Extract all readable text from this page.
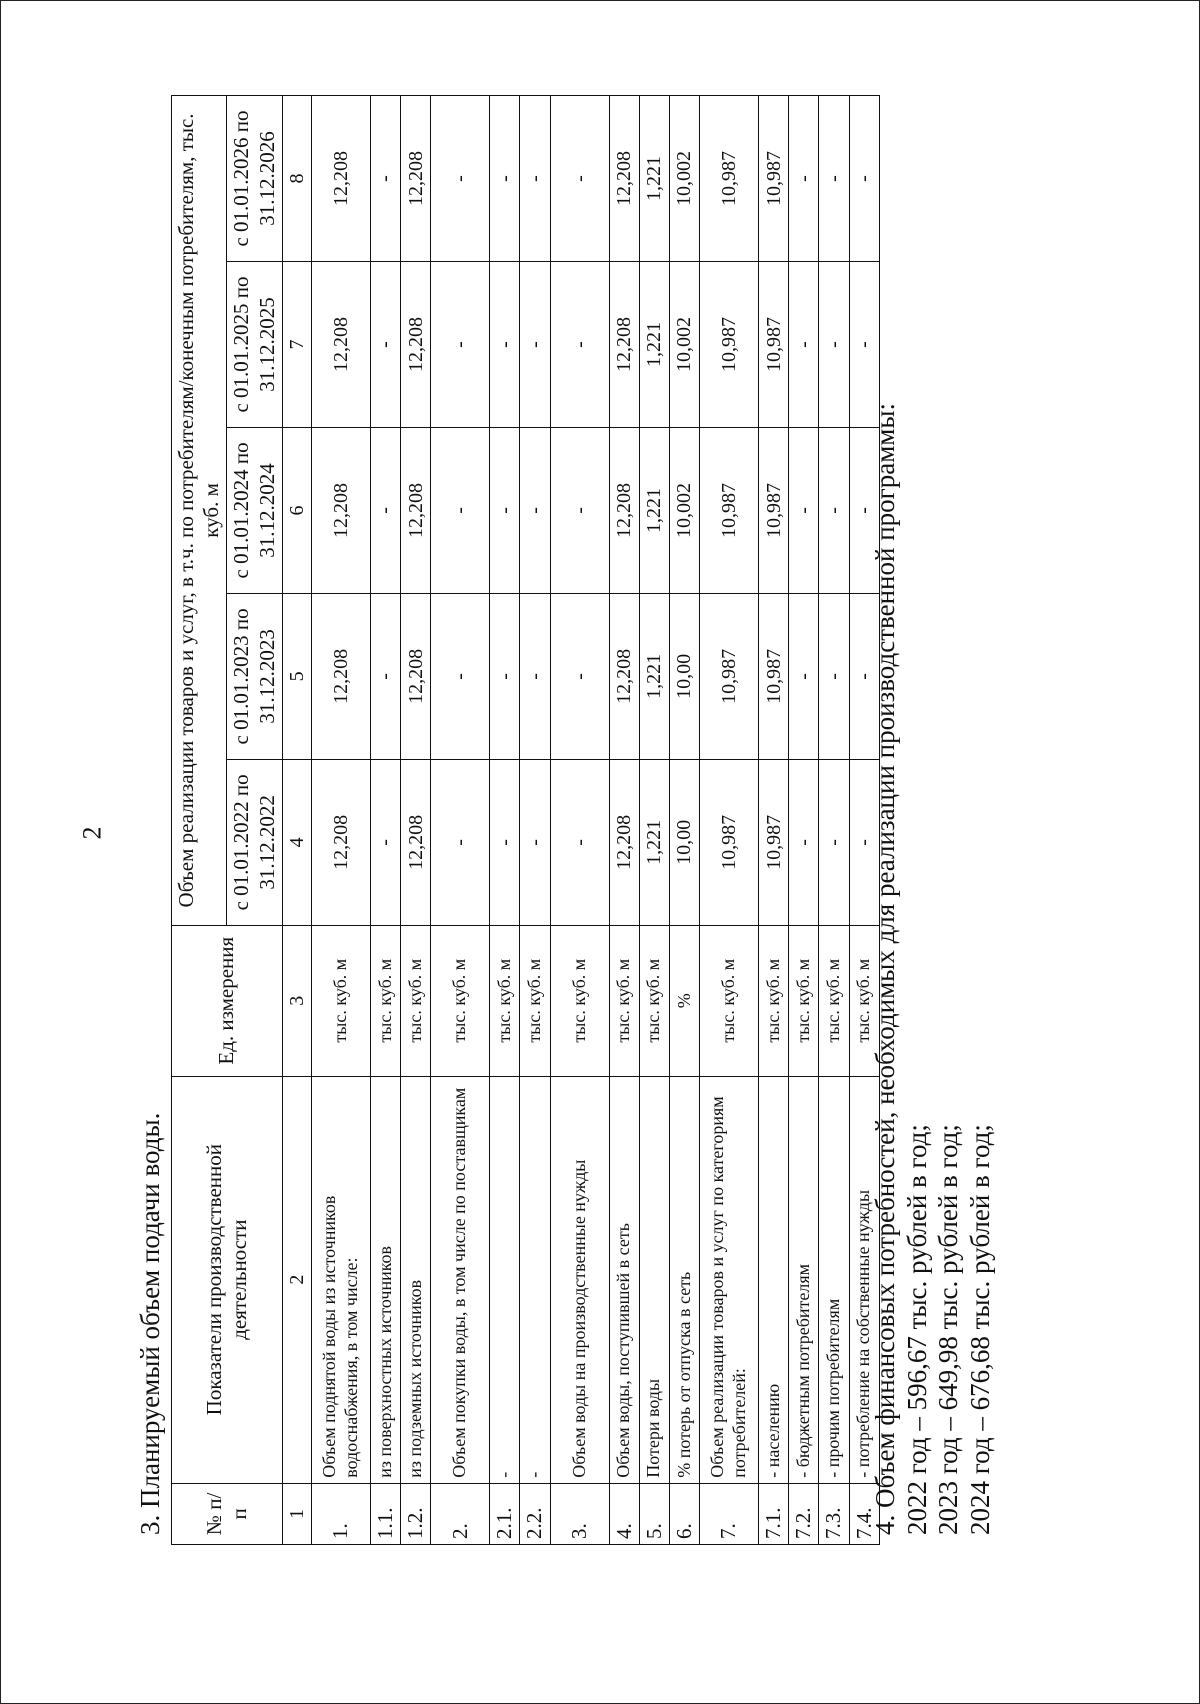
2
3. Планируемый объем подачи воды. № п/п	Показатели производственной деятельности	Ед. измерения	Объем реализации товаров и услуг, в т.ч. по потребителям/конечным потребителям, тыс. куб. м				
			с 01.01.2022 по 31.12.2022	с 01.01.2023 по 31.12.2023	с 01.01.2024 по 31.12.2024	с 01.01.2025 по 31.12.2025	с 01.01.2026 по 31.12.2026
1	2	3	4	5	6	7	8
1.	Объем поднятой воды из источников водоснабжения, в том числе:	тыс. куб. м	12,208	12,208	12,208	12,208	12,208
1.1.	из поверхностных источников	тыс. куб. м	-	-	-	-	-
1.2.	из подземных источников	тыс. куб. м	12,208	12,208	12,208	12,208	12,208
2.	Объем покупки воды, в том числе по поставщикам	тыс. куб. м	-	-	-	-	-
2.1.	-	тыс. куб. м	-	-	-	-	-
2.2.	-	тыс. куб. м	-	-	-	-	-
3.	Объем воды на производственные нужды	тыс. куб. м	-	-	-	-	-
4.	Объем воды, поступившей в сеть	тыс. куб. м	12,208	12,208	12,208	12,208	12,208
5.	Потери воды	тыс. куб. м	1,221	1,221	1,221	1,221	1,221
6.	% потерь от отпуска в сеть	%	10,00	10,00	10,002	10,002	10,002
7.	Объем реализации товаров и услуг по категориям потребителей:	тыс. куб. м	10,987	10,987	10,987	10,987	10,987
7.1.	- населению	тыс. куб. м	10,987	10,987	10,987	10,987	10,987
7.2.	- бюджетным потребителям	тыс. куб. м	-	-	-	-	-
7.3.	- прочим потребителям	тыс. куб. м	-	-	-	-	-
7.4.	- потребление на собственные нужды	тыс. куб. м	-	-	-	-	-
4. Объем финансовых потребностей, необходимых для реализации производственной программы: 2022 год – 596,67 тыс. рублей в год; 2023 год – 649,98 тыс. рублей в год; 2024 год – 676,68 тыс. рублей в год;
